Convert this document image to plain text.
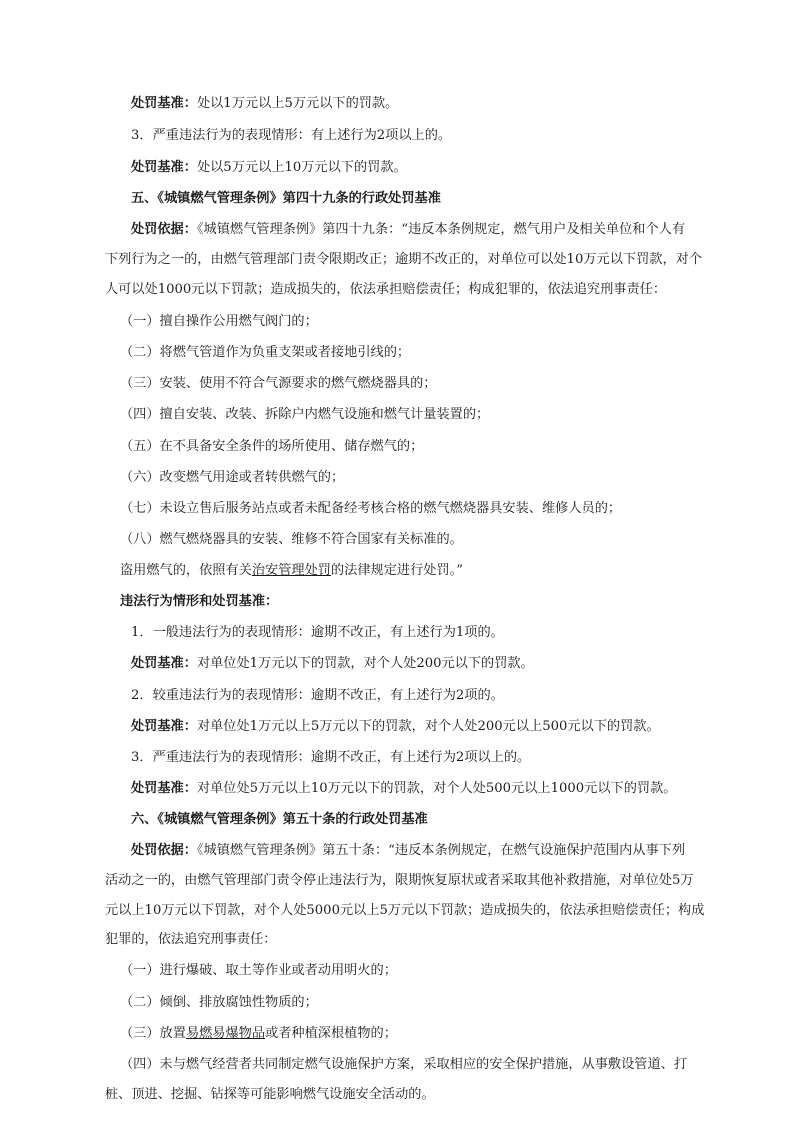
处罚基准：处以1万元以上5万元以下的罚款。
3．严重违法行为的表现情形：有上述行为2项以上的。
处罚基准：处以5万元以上10万元以下的罚款。
五、《城镇燃气管理条例》第四十九条的行政处罚基准
处罚依据：《城镇燃气管理条例》第四十九条：“违反本条例规定，燃气用户及相关单位和个人有
下列行为之一的，由燃气管理部门责令限期改正；逾期不改正的，对单位可以处10万元以下罚款，对个
人可以处1000元以下罚款；造成损失的，依法承担赔偿责任；构成犯罪的，依法追究刑事责任：
（一）擅自操作公用燃气阀门的；
（二）将燃气管道作为负重支架或者接地引线的；
（三）安装、使用不符合气源要求的燃气燃烧器具的；
（四）擅自安装、改装、拆除户内燃气设施和燃气计量装置的；
（五）在不具备安全条件的场所使用、储存燃气的；
（六）改变燃气用途或者转供燃气的；
（七）未设立售后服务站点或者未配备经考核合格的燃气燃烧器具安装、维修人员的；
（八）燃气燃烧器具的安装、维修不符合国家有关标准的。
盗用燃气的，依照有关治安管理处罚的法律规定进行处罚。”
违法行为情形和处罚基准：
1．一般违法行为的表现情形：逾期不改正，有上述行为1项的。
处罚基准：对单位处1万元以下的罚款，对个人处200元以下的罚款。
2．较重违法行为的表现情形：逾期不改正，有上述行为2项的。
处罚基准：对单位处1万元以上5万元以下的罚款，对个人处200元以上500元以下的罚款。
3．严重违法行为的表现情形：逾期不改正，有上述行为2项以上的。
处罚基准：对单位处5万元以上10万元以下的罚款，对个人处500元以上1000元以下的罚款。
六、《城镇燃气管理条例》第五十条的行政处罚基准
处罚依据：《城镇燃气管理条例》第五十条：“违反本条例规定，在燃气设施保护范围内从事下列
活动之一的，由燃气管理部门责令停止违法行为，限期恢复原状或者采取其他补救措施，对单位处5万
元以上10万元以下罚款，对个人处5000元以上5万元以下罚款；造成损失的，依法承担赔偿责任；构成
犯罪的，依法追究刑事责任：
（一）进行爆破、取土等作业或者动用明火的；
（二）倾倒、排放腐蚀性物质的；
（三）放置易燃易爆物品或者种植深根植物的；
（四）未与燃气经营者共同制定燃气设施保护方案，采取相应的安全保护措施，从事敷设管道、打
桩、顶进、挖掘、钻探等可能影响燃气设施安全活动的。
